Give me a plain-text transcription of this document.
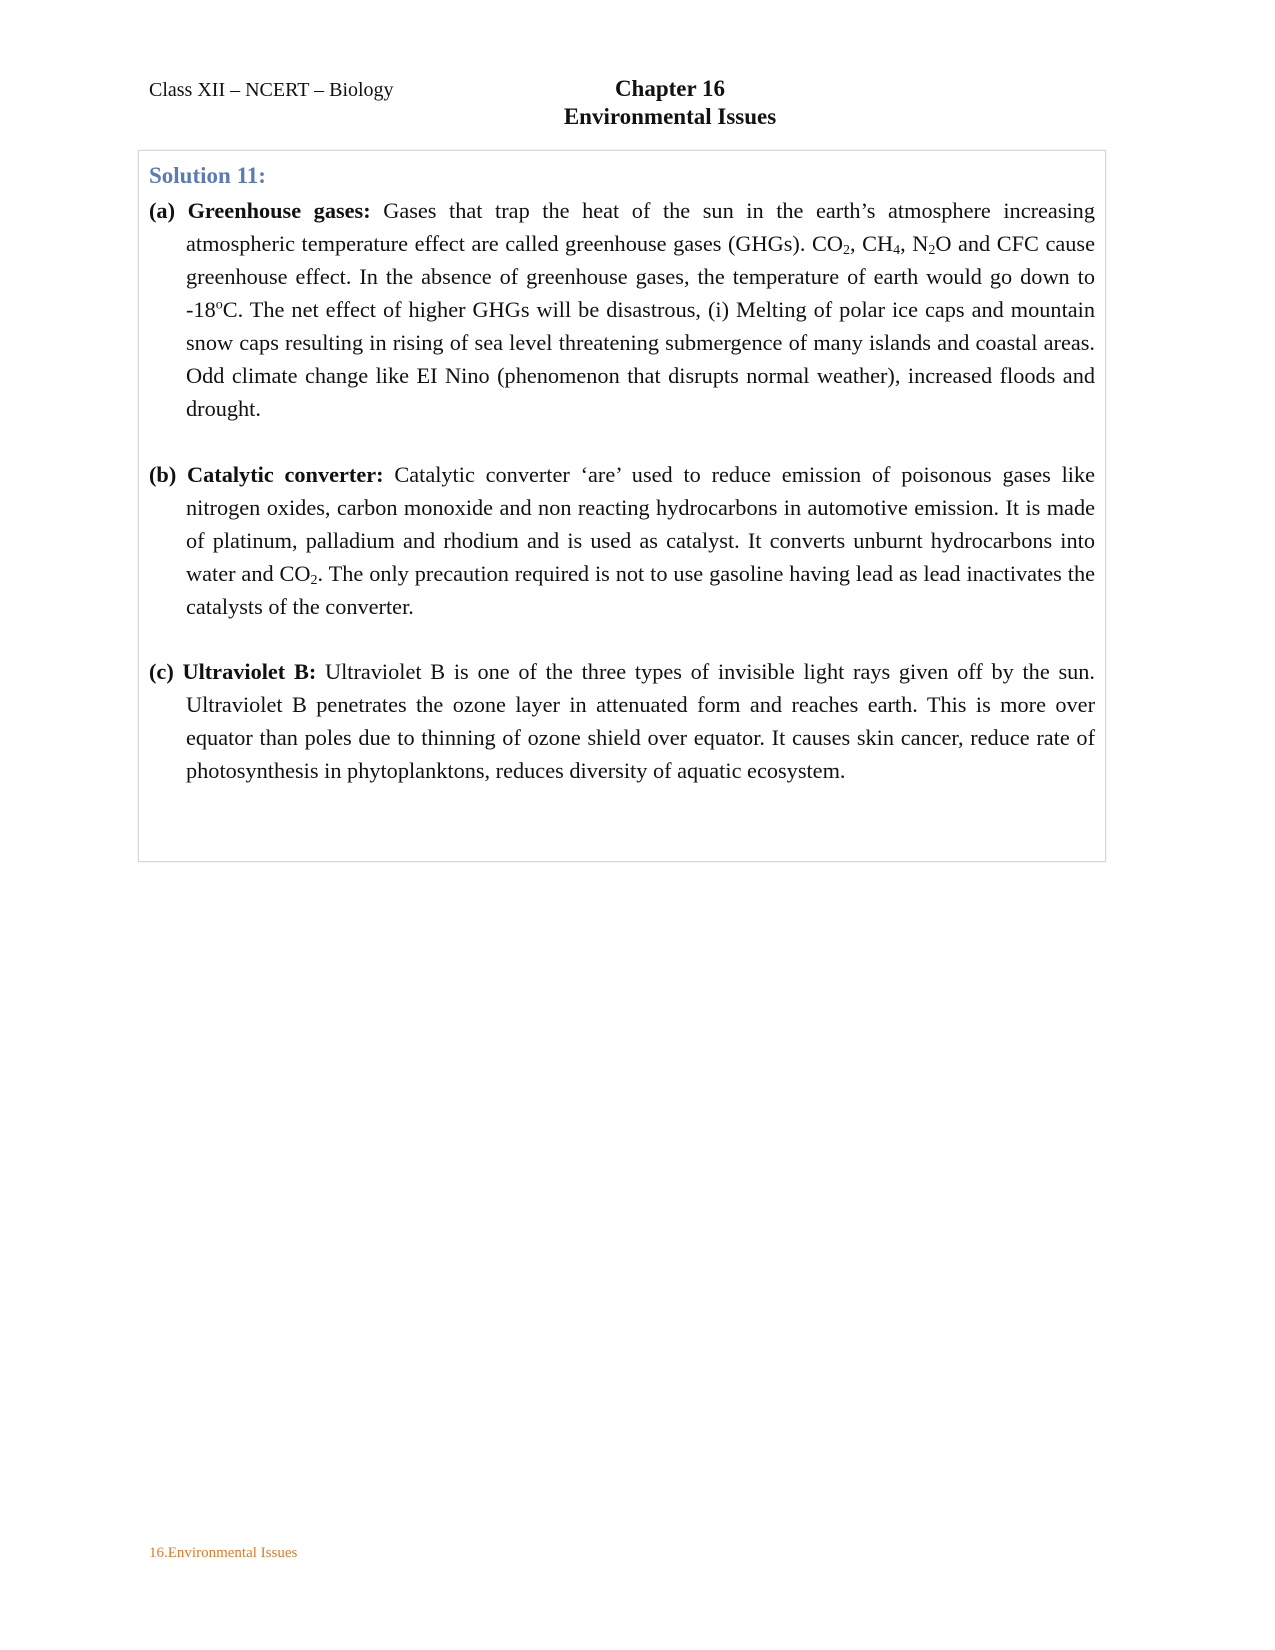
Class XII – NCERT – Biology	Chapter 16
Environmental Issues
Solution 11:
(a) Greenhouse gases: Gases that trap the heat of the sun in the earth’s atmosphere increasing atmospheric temperature effect are called greenhouse gases (GHGs). $CO_2$, $CH_4$, $N_2O$ and CFC cause greenhouse effect. In the absence of greenhouse gases, the temperature of earth would go down to -18$^o$C. The net effect of higher GHGs will be disastrous, (i) Melting of polar ice caps and mountain snow caps resulting in rising of sea level threatening submergence of many islands and coastal areas. Odd climate change like EI Nino (phenomenon that disrupts normal weather), increased floods and drought.
(b) Catalytic converter: Catalytic converter ‘are’ used to reduce emission of poisonous gases like nitrogen oxides, carbon monoxide and non reacting hydrocarbons in automotive emission. It is made of platinum, palladium and rhodium and is used as catalyst. It converts unburnt hydrocarbons into water and $CO_2$. The only precaution required is not to use gasoline having lead as lead inactivates the catalysts of the converter.
(c) Ultraviolet B: Ultraviolet B is one of the three types of invisible light rays given off by the sun. Ultraviolet B penetrates the ozone layer in attenuated form and reaches earth. This is more over equator than poles due to thinning of ozone shield over equator. It causes skin cancer, reduce rate of photosynthesis in phytoplanktons, reduces diversity of aquatic ecosystem.
16.Environmental Issues
